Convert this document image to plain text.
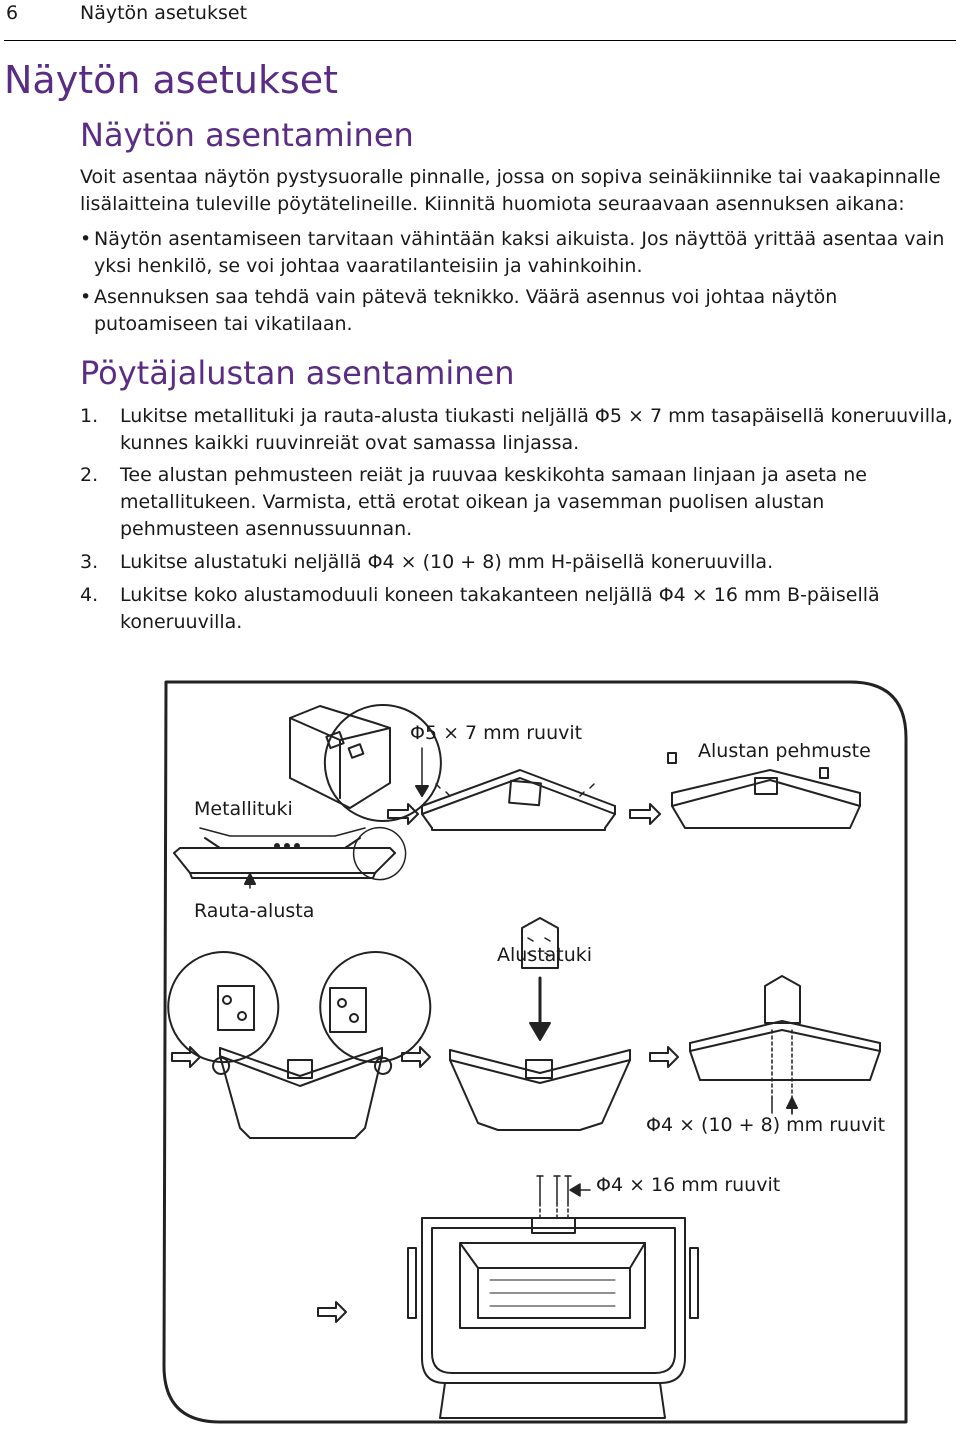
6	Näytön asetukset
Näytön asetukset
Näytön asentaminen
Voit asentaa näytön pystysuoralle pinnalle, jossa on sopiva seinäkiinnike tai vaakapinnalle
lisälaitteina tuleville pöytätelineille. Kiinnitä huomiota seuraavaan asennuksen aikana:
• Näytön asentamiseen tarvitaan vähintään kaksi aikuista. Jos näyttöä yrittää asentaa vain
yksi henkilö, se voi johtaa vaaratilanteisiin ja vahinkoihin.
• Asennuksen saa tehdä vain pätevä teknikko. Väärä asennus voi johtaa näytön
putoamiseen tai vikatilaan.
Pöytäjalustan asentaminen
1. Lukitse metallituki ja rauta-alusta tiukasti neljällä Φ5 × 7 mm tasapäisellä koneruuvilla,
kunnes kaikki ruuvinreiät ovat samassa linjassa.
2. Tee alustan pehmusteen reiät ja ruuvaa keskikohta samaan linjaan ja aseta ne
metallitukeen. Varmista, että erotat oikean ja vasemman puolisen alustan
pehmusteen asennussuunnan.
3. Lukitse alustatuki neljällä Φ4 × (10 + 8) mm H-päisellä koneruuvilla.
4. Lukitse koko alustamoduuli koneen takakanteen neljällä Φ4 × 16 mm B-päisellä
koneruuvilla.
Φ5 × 7 mm ruuvit
Alustan pehmuste
Metallituki
Rauta-alusta
Alustatuki
Φ4 × (10 + 8) mm ruuvit
Φ4 × 16 mm ruuvit
